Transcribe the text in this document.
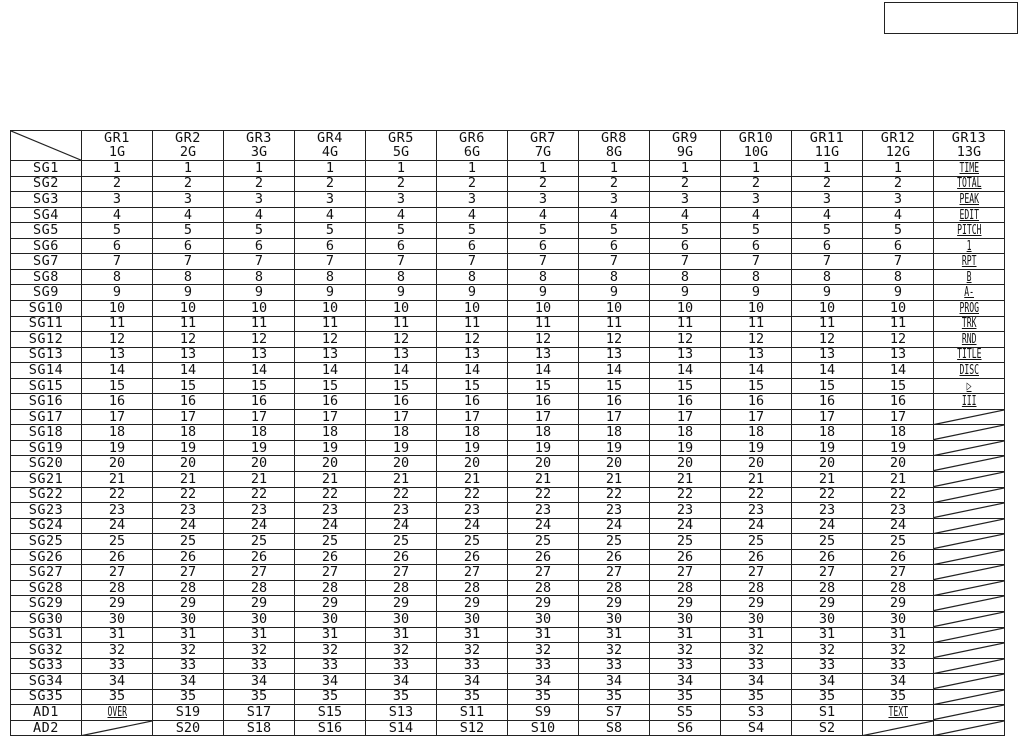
	GR1	GR2	GR3	GR4	GR5	GR6	GR7	GR8	GR9	GR10	GR11	GR12	GR13
	1G	2G	3G	4G	5G	6G	7G	8G	9G	10G	11G	12G	13G
SG1	1	1	1	1	1	1	1	1	1	1	1	1	TIME
SG2	2	2	2	2	2	2	2	2	2	2	2	2	TOTAL
SG3	3	3	3	3	3	3	3	3	3	3	3	3	PEAK
SG4	4	4	4	4	4	4	4	4	4	4	4	4	EDIT
SG5	5	5	5	5	5	5	5	5	5	5	5	5	PITCH
SG6	6	6	6	6	6	6	6	6	6	6	6	6	1
SG7	7	7	7	7	7	7	7	7	7	7	7	7	RPT
SG8	8	8	8	8	8	8	8	8	8	8	8	8	B
SG9	9	9	9	9	9	9	9	9	9	9	9	9	A-
SG10	10	10	10	10	10	10	10	10	10	10	10	10	PROG
SG11	11	11	11	11	11	11	11	11	11	11	11	11	TRK
SG12	12	12	12	12	12	12	12	12	12	12	12	12	RND
SG13	13	13	13	13	13	13	13	13	13	13	13	13	TITLE
SG14	14	14	14	14	14	14	14	14	14	14	14	14	DISC
SG15	15	15	15	15	15	15	15	15	15	15	15	15	▷
SG16	16	16	16	16	16	16	16	16	16	16	16	16	III
SG17	17	17	17	17	17	17	17	17	17	17	17	17	

SG18	18	18	18	18	18	18	18	18	18	18	18	18	

SG19	19	19	19	19	19	19	19	19	19	19	19	19	

SG20	20	20	20	20	20	20	20	20	20	20	20	20	

SG21	21	21	21	21	21	21	21	21	21	21	21	21	

SG22	22	22	22	22	22	22	22	22	22	22	22	22	

SG23	23	23	23	23	23	23	23	23	23	23	23	23	

SG24	24	24	24	24	24	24	24	24	24	24	24	24	

SG25	25	25	25	25	25	25	25	25	25	25	25	25	

SG26	26	26	26	26	26	26	26	26	26	26	26	26	

SG27	27	27	27	27	27	27	27	27	27	27	27	27	

SG28	28	28	28	28	28	28	28	28	28	28	28	28	

SG29	29	29	29	29	29	29	29	29	29	29	29	29	

SG30	30	30	30	30	30	30	30	30	30	30	30	30	

SG31	31	31	31	31	31	31	31	31	31	31	31	31	

SG32	32	32	32	32	32	32	32	32	32	32	32	32	

SG33	33	33	33	33	33	33	33	33	33	33	33	33	

SG34	34	34	34	34	34	34	34	34	34	34	34	34	

SG35	35	35	35	35	35	35	35	35	35	35	35	35	

AD1	OVER	S19	S17	S15	S13	S11	S9	S7	S5	S3	S1	TEXT	

AD2		S20	S18	S16	S14	S12	S10	S8	S6	S4	S2	
